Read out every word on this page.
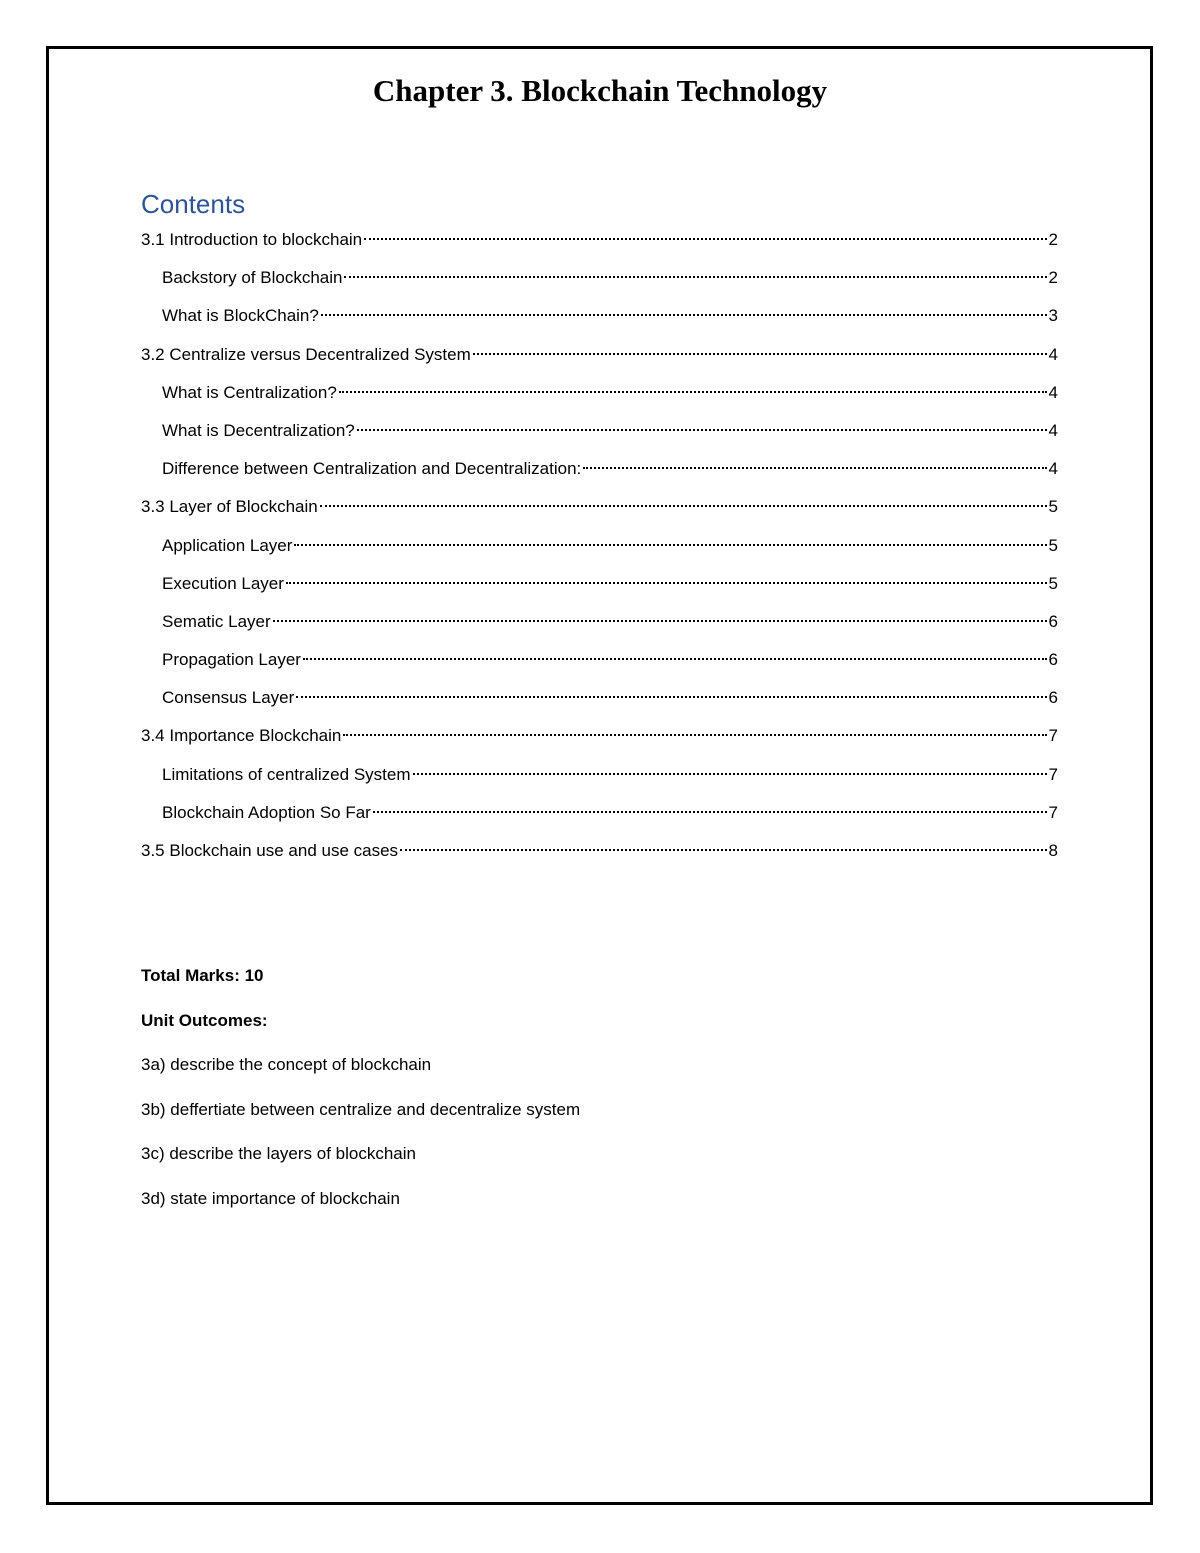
Chapter 3. Blockchain Technology
Contents
3.1 Introduction to blockchain	2
Backstory of Blockchain	2
What is BlockChain?	3
3.2 Centralize versus Decentralized System	4
What is Centralization?	4
What is Decentralization?	4
Difference between Centralization and Decentralization:	4
3.3 Layer of Blockchain	5
Application Layer	5
Execution Layer	5
Sematic Layer	6
Propagation Layer	6
Consensus Layer	6
3.4 Importance Blockchain	7
Limitations of centralized System	7
Blockchain Adoption So Far	7
3.5 Blockchain use and use cases	8
Total Marks: 10
Unit Outcomes:
3a) describe the concept of blockchain
3b) deffertiate between centralize and decentralize system
3c) describe the layers of blockchain
3d) state importance of blockchain
